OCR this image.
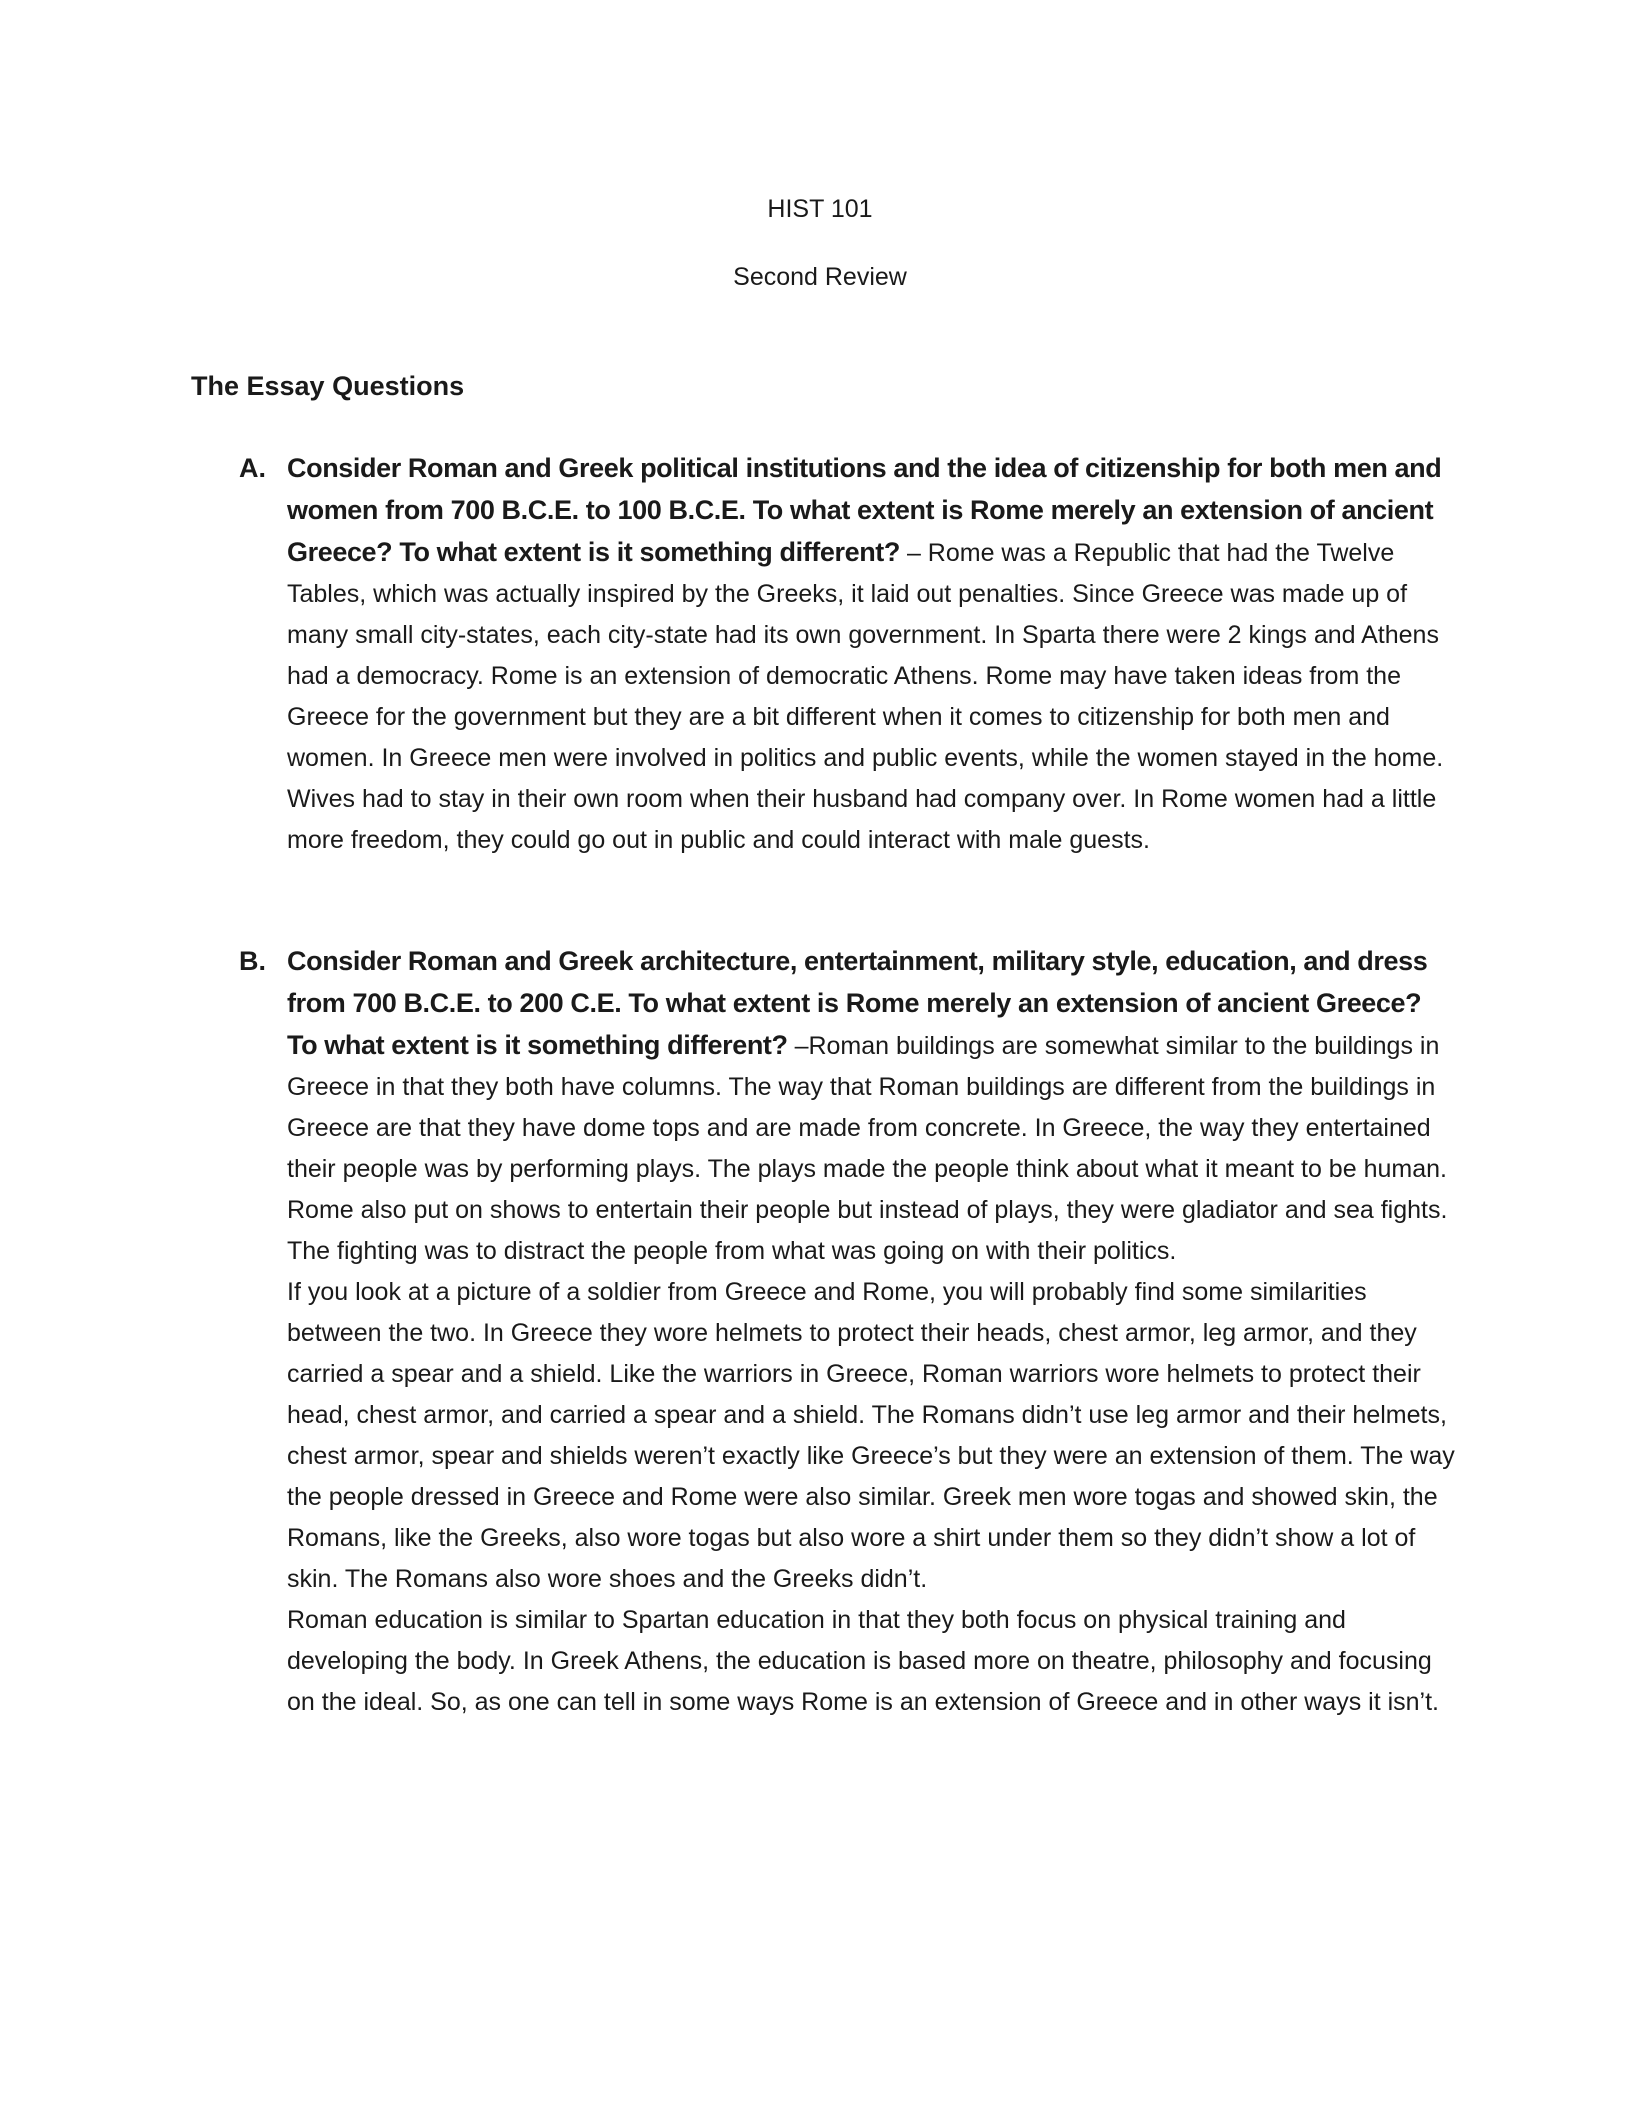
HIST 101
Second Review
The Essay Questions
A. Consider Roman and Greek political institutions and the idea of citizenship for both men and women from 700 B.C.E. to 100 B.C.E. To what extent is Rome merely an extension of ancient Greece? To what extent is it something different? – Rome was a Republic that had the Twelve Tables, which was actually inspired by the Greeks, it laid out penalties. Since Greece was made up of many small city-states, each city-state had its own government. In Sparta there were 2 kings and Athens had a democracy. Rome is an extension of democratic Athens. Rome may have taken ideas from the Greece for the government but they are a bit different when it comes to citizenship for both men and women. In Greece men were involved in politics and public events, while the women stayed in the home. Wives had to stay in their own room when their husband had company over. In Rome women had a little more freedom, they could go out in public and could interact with male guests.

B. Consider Roman and Greek architecture, entertainment, military style, education, and dress from 700 B.C.E. to 200 C.E. To what extent is Rome merely an extension of ancient Greece? To what extent is it something different? –Roman buildings are somewhat similar to the buildings in Greece in that they both have columns. The way that Roman buildings are different from the buildings in Greece are that they have dome tops and are made from concrete. In Greece, the way they entertained their people was by performing plays. The plays made the people think about what it meant to be human. Rome also put on shows to entertain their people but instead of plays, they were gladiator and sea fights. The fighting was to distract the people from what was going on with their politics.

If you look at a picture of a soldier from Greece and Rome, you will probably find some similarities between the two. In Greece they wore helmets to protect their heads, chest armor, leg armor, and they carried a spear and a shield. Like the warriors in Greece, Roman warriors wore helmets to protect their head, chest armor, and carried a spear and a shield. The Romans didn’t use leg armor and their helmets, chest armor, spear and shields weren’t exactly like Greece’s but they were an extension of them. The way the people dressed in Greece and Rome were also similar. Greek men wore togas and showed skin, the Romans, like the Greeks, also wore togas but also wore a shirt under them so they didn’t show a lot of skin. The Romans also wore shoes and the Greeks didn’t.

Roman education is similar to Spartan education in that they both focus on physical training and developing the body. In Greek Athens, the education is based more on theatre, philosophy and focusing on the ideal. So, as one can tell in some ways Rome is an extension of Greece and in other ways it isn’t.
